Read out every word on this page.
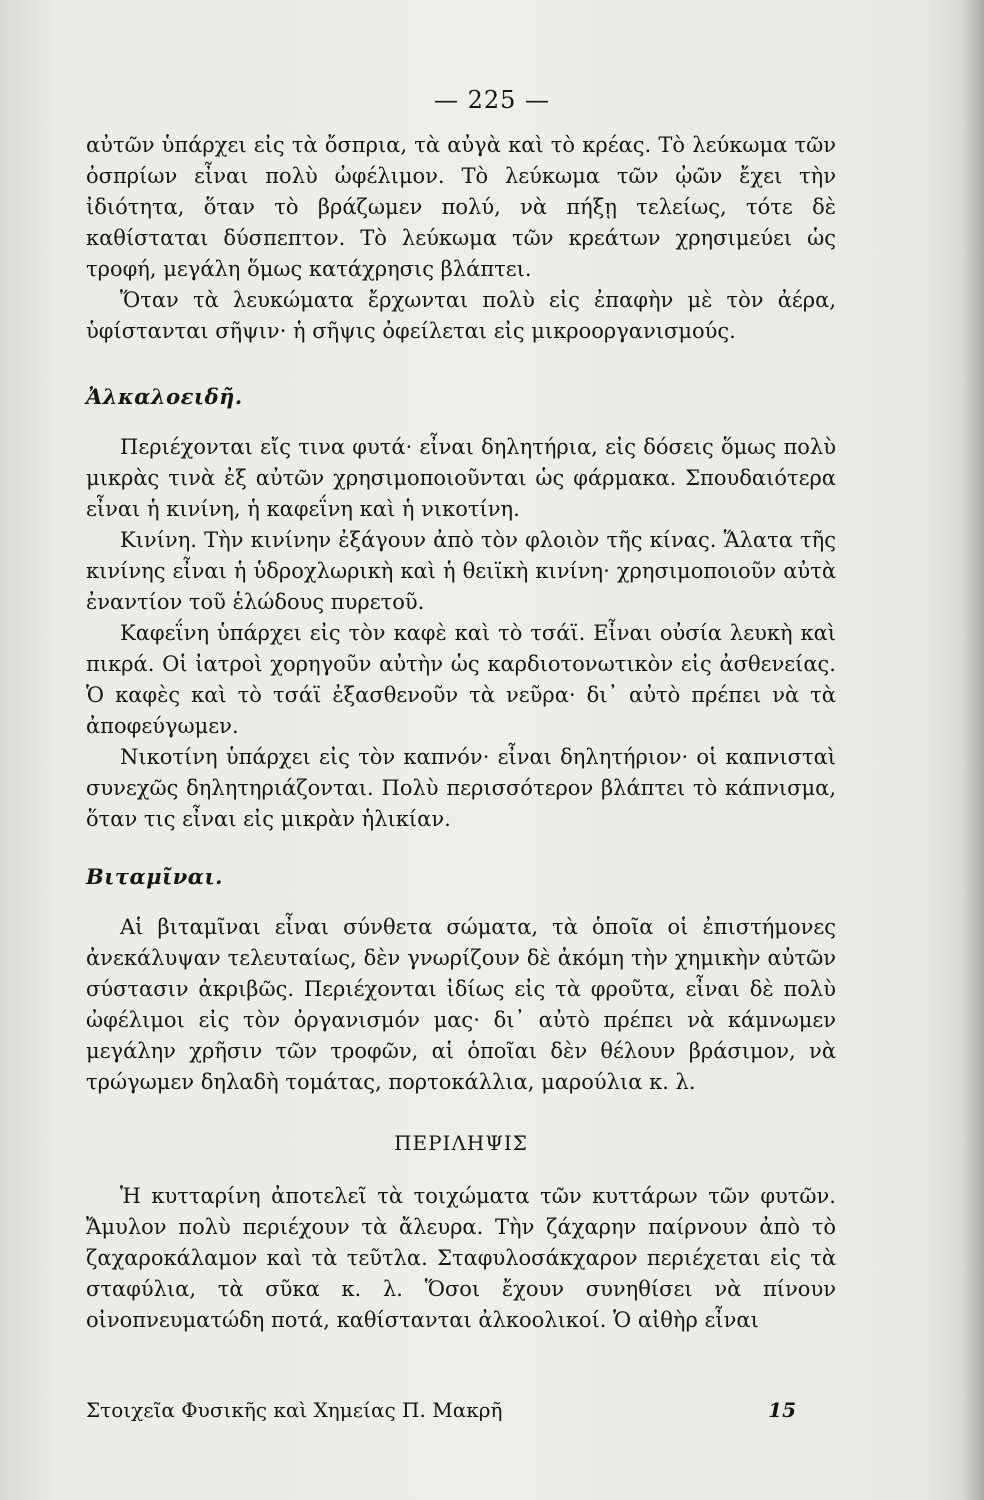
— 225 —

αὐτῶν ὑπάρχει εἰς τὰ ὄσπρια, τὰ αὐγὰ καὶ τὸ κρέας. Τὸ λεύκωμα τῶν ὀσπρίων εἶναι πολὺ ὠφέλιμον. Τὸ λεύκωμα τῶν ᾠῶν ἔχει τὴν ἰδιότητα, ὅταν τὸ βράζωμεν πολύ, νὰ πήξῃ τελείως, τότε δὲ καθίσταται δύσπεπτον. Τὸ λεύκωμα τῶν κρεάτων χρησιμεύει ὡς τροφή, μεγάλη ὅμως κατάχρησις βλάπτει.

Ὅταν τὰ λευκώματα ἔρχωνται πολὺ εἰς ἐπαφὴν μὲ τὸν ἀέρα, ὑφίστανται σῆψιν· ἡ σῆψις ὀφείλεται εἰς μικροοργανισμούς.

Ἀλκαλοειδῆ.

Περιέχονται εἴς τινα φυτά· εἶναι δηλητήρια, εἰς δόσεις ὅμως πολὺ μικρὰς τινὰ ἐξ αὐτῶν χρησιμοποιοῦνται ὡς φάρμακα. Σπουδαιότερα εἶναι ἡ κινίνη, ἡ καφεΐνη καὶ ἡ νικοτίνη.

Κινίνη. Τὴν κινίνην ἐξάγουν ἀπὸ τὸν φλοιὸν τῆς κίνας. Ἅλατα τῆς κινίνης εἶναι ἡ ὑδροχλωρικὴ καὶ ἡ θειϊκὴ κινίνη· χρησιμοποιοῦν αὐτὰ ἐναντίον τοῦ ἑλώδους πυρετοῦ.

Καφεΐνη ὑπάρχει εἰς τὸν καφὲ καὶ τὸ τσάϊ. Εἶναι οὐσία λευκὴ καὶ πικρά. Οἱ ἰατροὶ χορηγοῦν αὐτὴν ὡς καρδιοτονωτικὸν εἰς ἀσθενείας. Ὁ καφὲς καὶ τὸ τσάϊ ἐξασθενοῦν τὰ νεῦρα· δι᾽ αὐτὸ πρέπει νὰ τὰ ἀποφεύγωμεν.

Νικοτίνη ὑπάρχει εἰς τὸν καπνόν· εἶναι δηλητήριον· οἱ καπνισταὶ συνεχῶς δηλητηριάζονται. Πολὺ περισσότερον βλάπτει τὸ κάπνισμα, ὅταν τις εἶναι εἰς μικρὰν ἡλικίαν.

Βιταμῖναι.

Αἱ βιταμῖναι εἶναι σύνθετα σώματα, τὰ ὁποῖα οἱ ἐπιστήμονες ἀνεκάλυψαν τελευταίως, δὲν γνωρίζουν δὲ ἀκόμη τὴν χημικὴν αὐτῶν σύστασιν ἀκριβῶς. Περιέχονται ἰδίως εἰς τὰ φροῦτα, εἶναι δὲ πολὺ ὠφέλιμοι εἰς τὸν ὀργανισμόν μας· δι᾽ αὐτὸ πρέπει νὰ κάμνωμεν μεγάλην χρῆσιν τῶν τροφῶν, αἱ ὁποῖαι δὲν θέλουν βράσιμον, νὰ τρώγωμεν δηλαδὴ τομάτας, πορτοκάλλια, μαρούλια κ. λ.

ΠΕΡΙΛΗΨΙΣ

Ἡ κυτταρίνη ἀποτελεῖ τὰ τοιχώματα τῶν κυττάρων τῶν φυτῶν. Ἄμυλον πολὺ περιέχουν τὰ ἄλευρα. Τὴν ζάχαρην παίρνουν ἀπὸ τὸ ζαχαροκάλαμον καὶ τὰ τεῦτλα. Σταφυλοσάκχαρον περιέχεται εἰς τὰ σταφύλια, τὰ σῦκα κ. λ. Ὅσοι ἔχουν συνηθίσει νὰ πίνουν οἰνοπνευματώδη ποτά, καθίστανται ἀλκοολικοί. Ὁ αἰθὴρ εἶναι

Στοιχεῖα Φυσικῆς καὶ Χημείας Π. Μακρῆ	15
